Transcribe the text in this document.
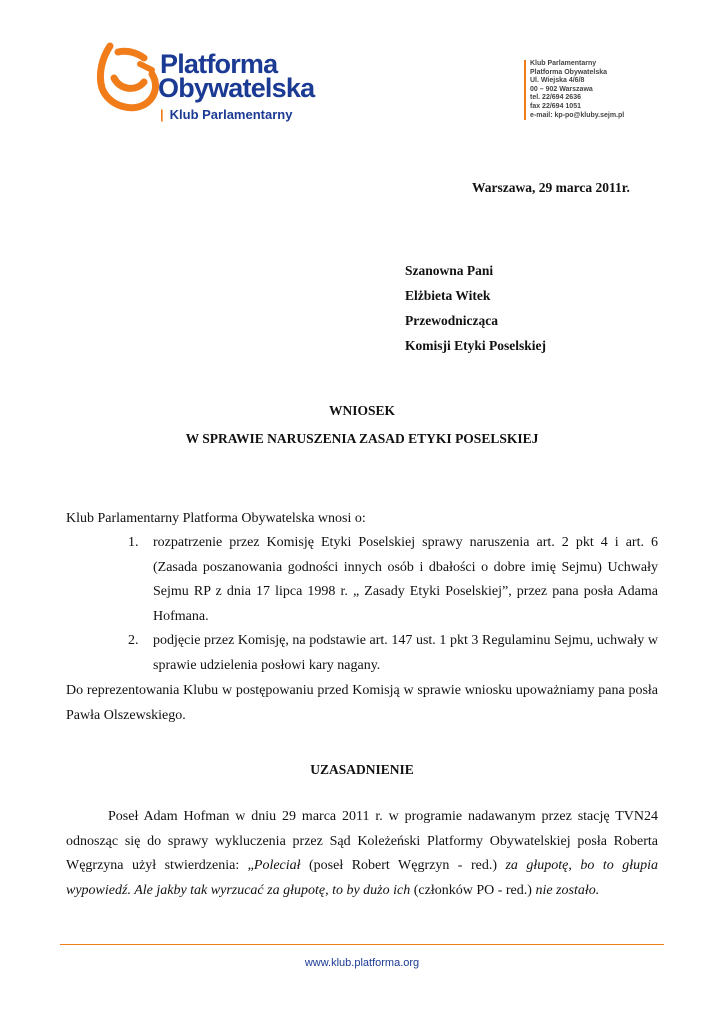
Platforma
Obywatelska
| Klub Parlamentarny
Klub Parlamentarny
Platforma Obywatelska
Ul. Wiejska 4/6/8
00 – 902 Warszawa
tel. 22/694 2636
fax 22/694 1051
e-mail: kp-po@kluby.sejm.pl
Warszawa, 29 marca 2011r.
Szanowna Pani
Elżbieta Witek
Przewodnicząca
Komisji Etyki Poselskiej
WNIOSEK
W SPRAWIE NARUSZENIA ZASAD ETYKI POSELSKIEJ
Klub Parlamentarny Platforma Obywatelska wnosi o:
1. rozpatrzenie przez Komisję Etyki Poselskiej sprawy naruszenia art. 2 pkt 4 i art. 6 (Zasada poszanowania godności innych osób i dbałości o dobre imię Sejmu) Uchwały Sejmu RP z dnia 17 lipca 1998 r. „ Zasady Etyki Poselskiej”, przez pana posła Adama Hofmana.
2. podjęcie przez Komisję, na podstawie art. 147 ust. 1 pkt 3 Regulaminu Sejmu, uchwały w sprawie udzielenia posłowi kary nagany.
Do reprezentowania Klubu w postępowaniu przed Komisją w sprawie wniosku upoważniamy pana posła Pawła Olszewskiego.
UZASADNIENIE
Poseł Adam Hofman w dniu 29 marca 2011 r. w programie nadawanym przez stację TVN24 odnosząc się do sprawy wykluczenia przez Sąd Koleżeński Platformy Obywatelskiej posła Roberta Węgrzyna użył stwierdzenia: „Poleciał (poseł Robert Węgrzyn - red.) za głupotę, bo to głupia wypowiedź. Ale jakby tak wyrzucać za głupotę, to by dużo ich (członków PO - red.) nie zostało.
www.klub.platforma.org
